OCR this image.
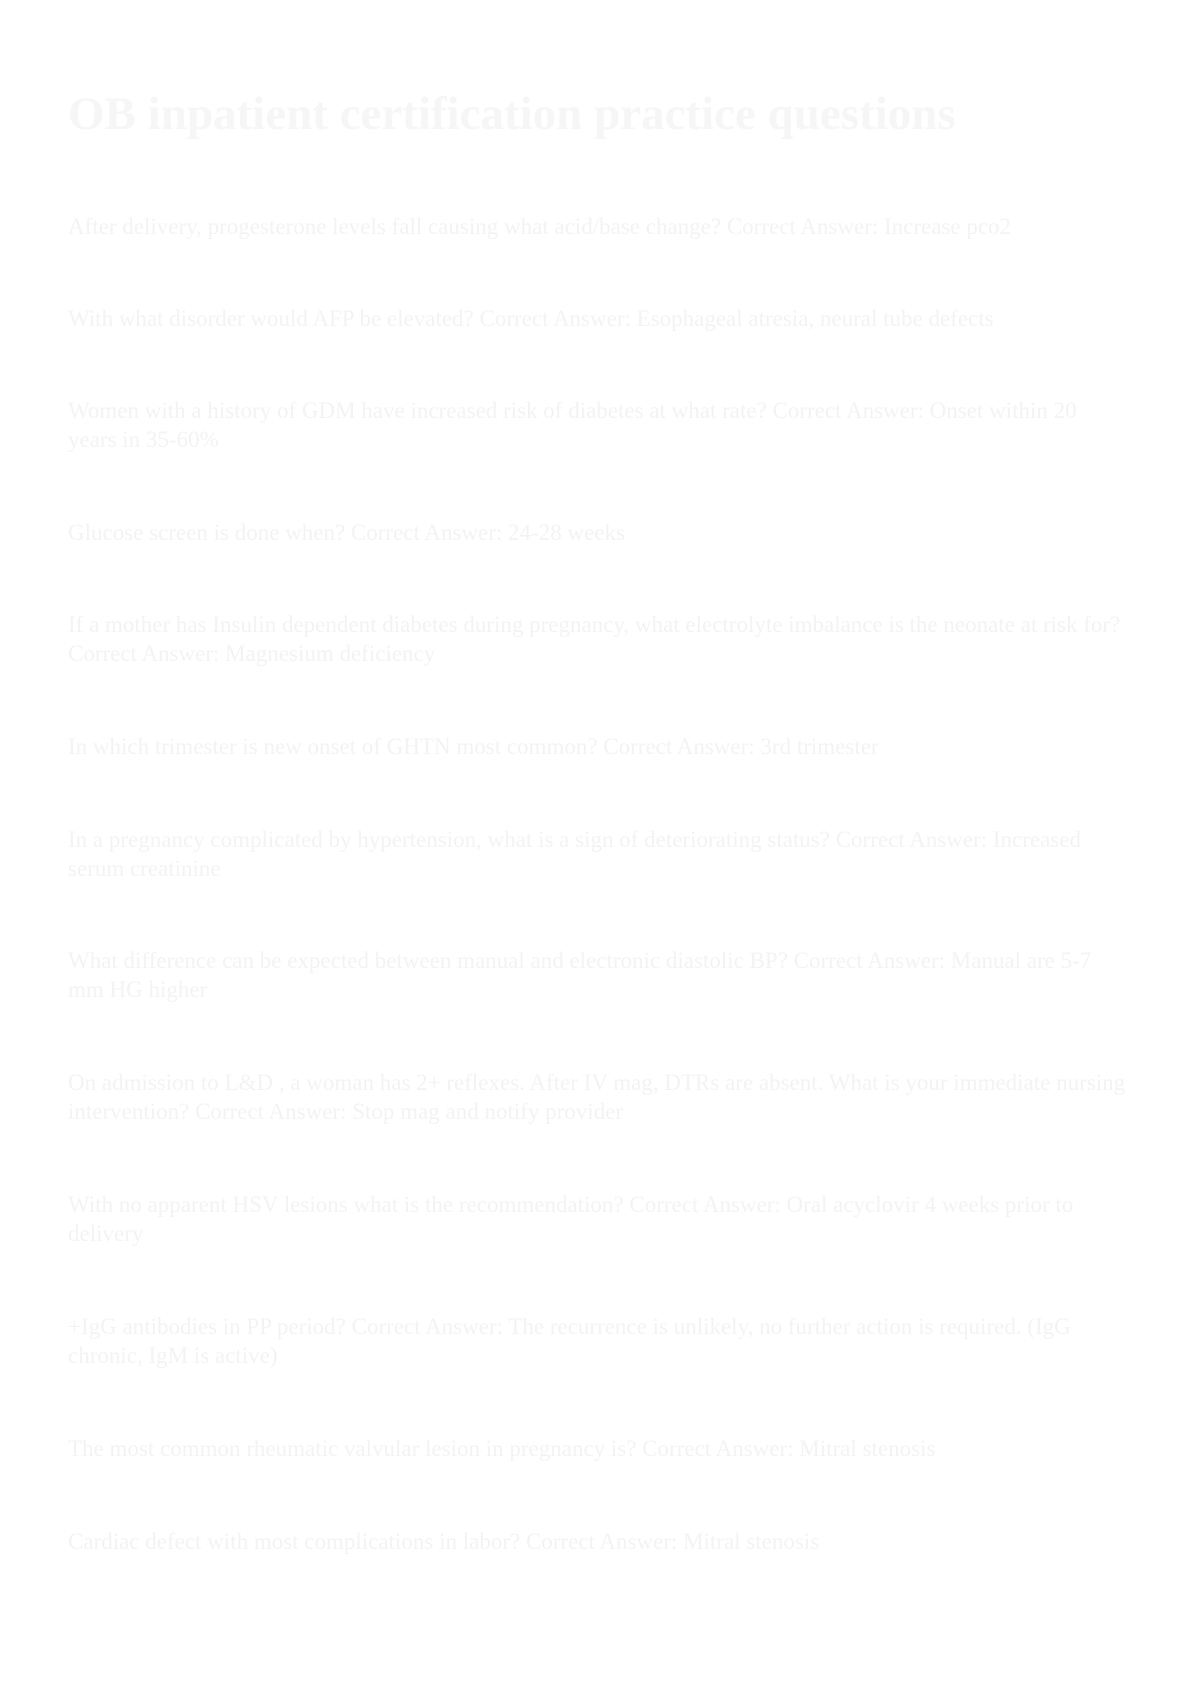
OB inpatient certification practice questions

After delivery, progesterone levels fall causing what acid/base change? Correct Answer: Increase pco2

With what disorder would AFP be elevated? Correct Answer: Esophageal atresia, neural tube defects

Women with a history of GDM have increased risk of diabetes at what rate? Correct Answer: Onset within 20 years in 35-60%

Glucose screen is done when? Correct Answer: 24-28 weeks

If a mother has Insulin dependent diabetes during pregnancy, what electrolyte imbalance is the neonate at risk for? Correct Answer: Magnesium deficiency

In which trimester is new onset of GHTN most common? Correct Answer: 3rd trimester

In a pregnancy complicated by hypertension, what is a sign of deteriorating status? Correct Answer: Increased serum creatinine

What difference can be expected between manual and electronic diastolic BP? Correct Answer: Manual are 5-7 mm HG higher

On admission to L&D , a woman has 2+ reflexes. After IV mag, DTRs are absent. What is your immediate nursing intervention? Correct Answer: Stop mag and notify provider

With no apparent HSV lesions what is the recommendation? Correct Answer: Oral acyclovir 4 weeks prior to delivery

+IgG antibodies in PP period? Correct Answer: The recurrence is unlikely, no further action is required. (IgG chronic, IgM is active)

The most common rheumatic valvular lesion in pregnancy is? Correct Answer: Mitral stenosis

Cardiac defect with most complications in labor? Correct Answer: Mitral stenosis
